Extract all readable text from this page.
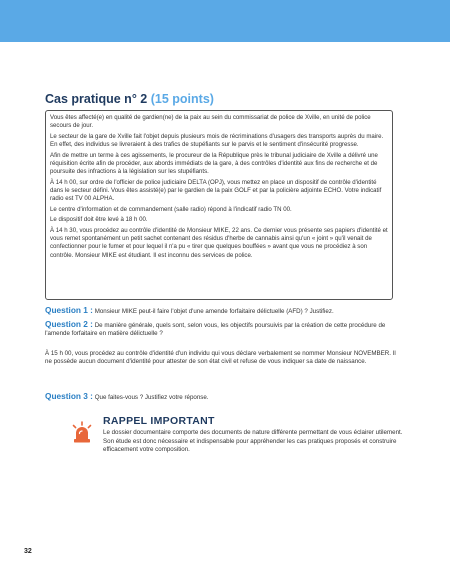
Cas pratique n° 2 (15 points)

Vous êtes affecté(e) en qualité de gardien(ne) de la paix au sein du commissariat de police de Xville, en unité de police secours de jour.

Le secteur de la gare de Xville fait l'objet depuis plusieurs mois de récriminations d'usagers des transports auprès du maire. En effet, des individus se livreraient à des trafics de stupéfiants sur le parvis et le sentiment d'insécurité progresse.

Afin de mettre un terme à ces agissements, le procureur de la République près le tribunal judiciaire de Xville a délivré une réquisition écrite afin de procéder, aux abords immédiats de la gare, à des contrôles d'identité aux fins de recherche et de poursuite des infractions à la législation sur les stupéfiants.

À 14 h 00, sur ordre de l'officier de police judiciaire DELTA (OPJ), vous mettez en place un dispositif de contrôle d'identité dans le secteur défini. Vous êtes assisté(e) par le gardien de la paix GOLF et par la policière adjointe ECHO. Votre indicatif radio est TV 00 ALPHA.

Le centre d'information et de commandement (salle radio) répond à l'indicatif radio TN 00.

Le dispositif doit être levé à 18 h 00.

À 14 h 30, vous procédez au contrôle d'identité de Monsieur MIKE, 22 ans. Ce dernier vous présente ses papiers d'identité et vous remet spontanément un petit sachet contenant des résidus d'herbe de cannabis ainsi qu'un « joint » qu'il venait de confectionner pour le fumer et pour lequel il n'a pu « tirer que quelques bouffées » avant que vous ne procédiez à son contrôle. Monsieur MIKE est étudiant. Il est inconnu des services de police.

Question 1 : Monsieur MIKE peut-il faire l'objet d'une amende forfaitaire délictuelle (AFD) ? Justifiez.
Question 2 : De manière générale, quels sont, selon vous, les objectifs poursuivis par la création de cette procédure de l'amende forfaitaire en matière délictuelle ?

À 15 h 00, vous procédez au contrôle d'identité d'un individu qui vous déclare verbalement se nommer Monsieur NOVEMBER. Il ne possède aucun document d'identité pour attester de son état civil et refuse de vous indiquer sa date de naissance.

Question 3 : Que faites-vous ? Justifiez votre réponse.
RAPPEL IMPORTANT
Le dossier documentaire comporte des documents de nature différente permettant de vous éclairer utilement. Son étude est donc nécessaire et indispensable pour appréhender les cas pratiques proposés et construire efficacement votre composition.
32
